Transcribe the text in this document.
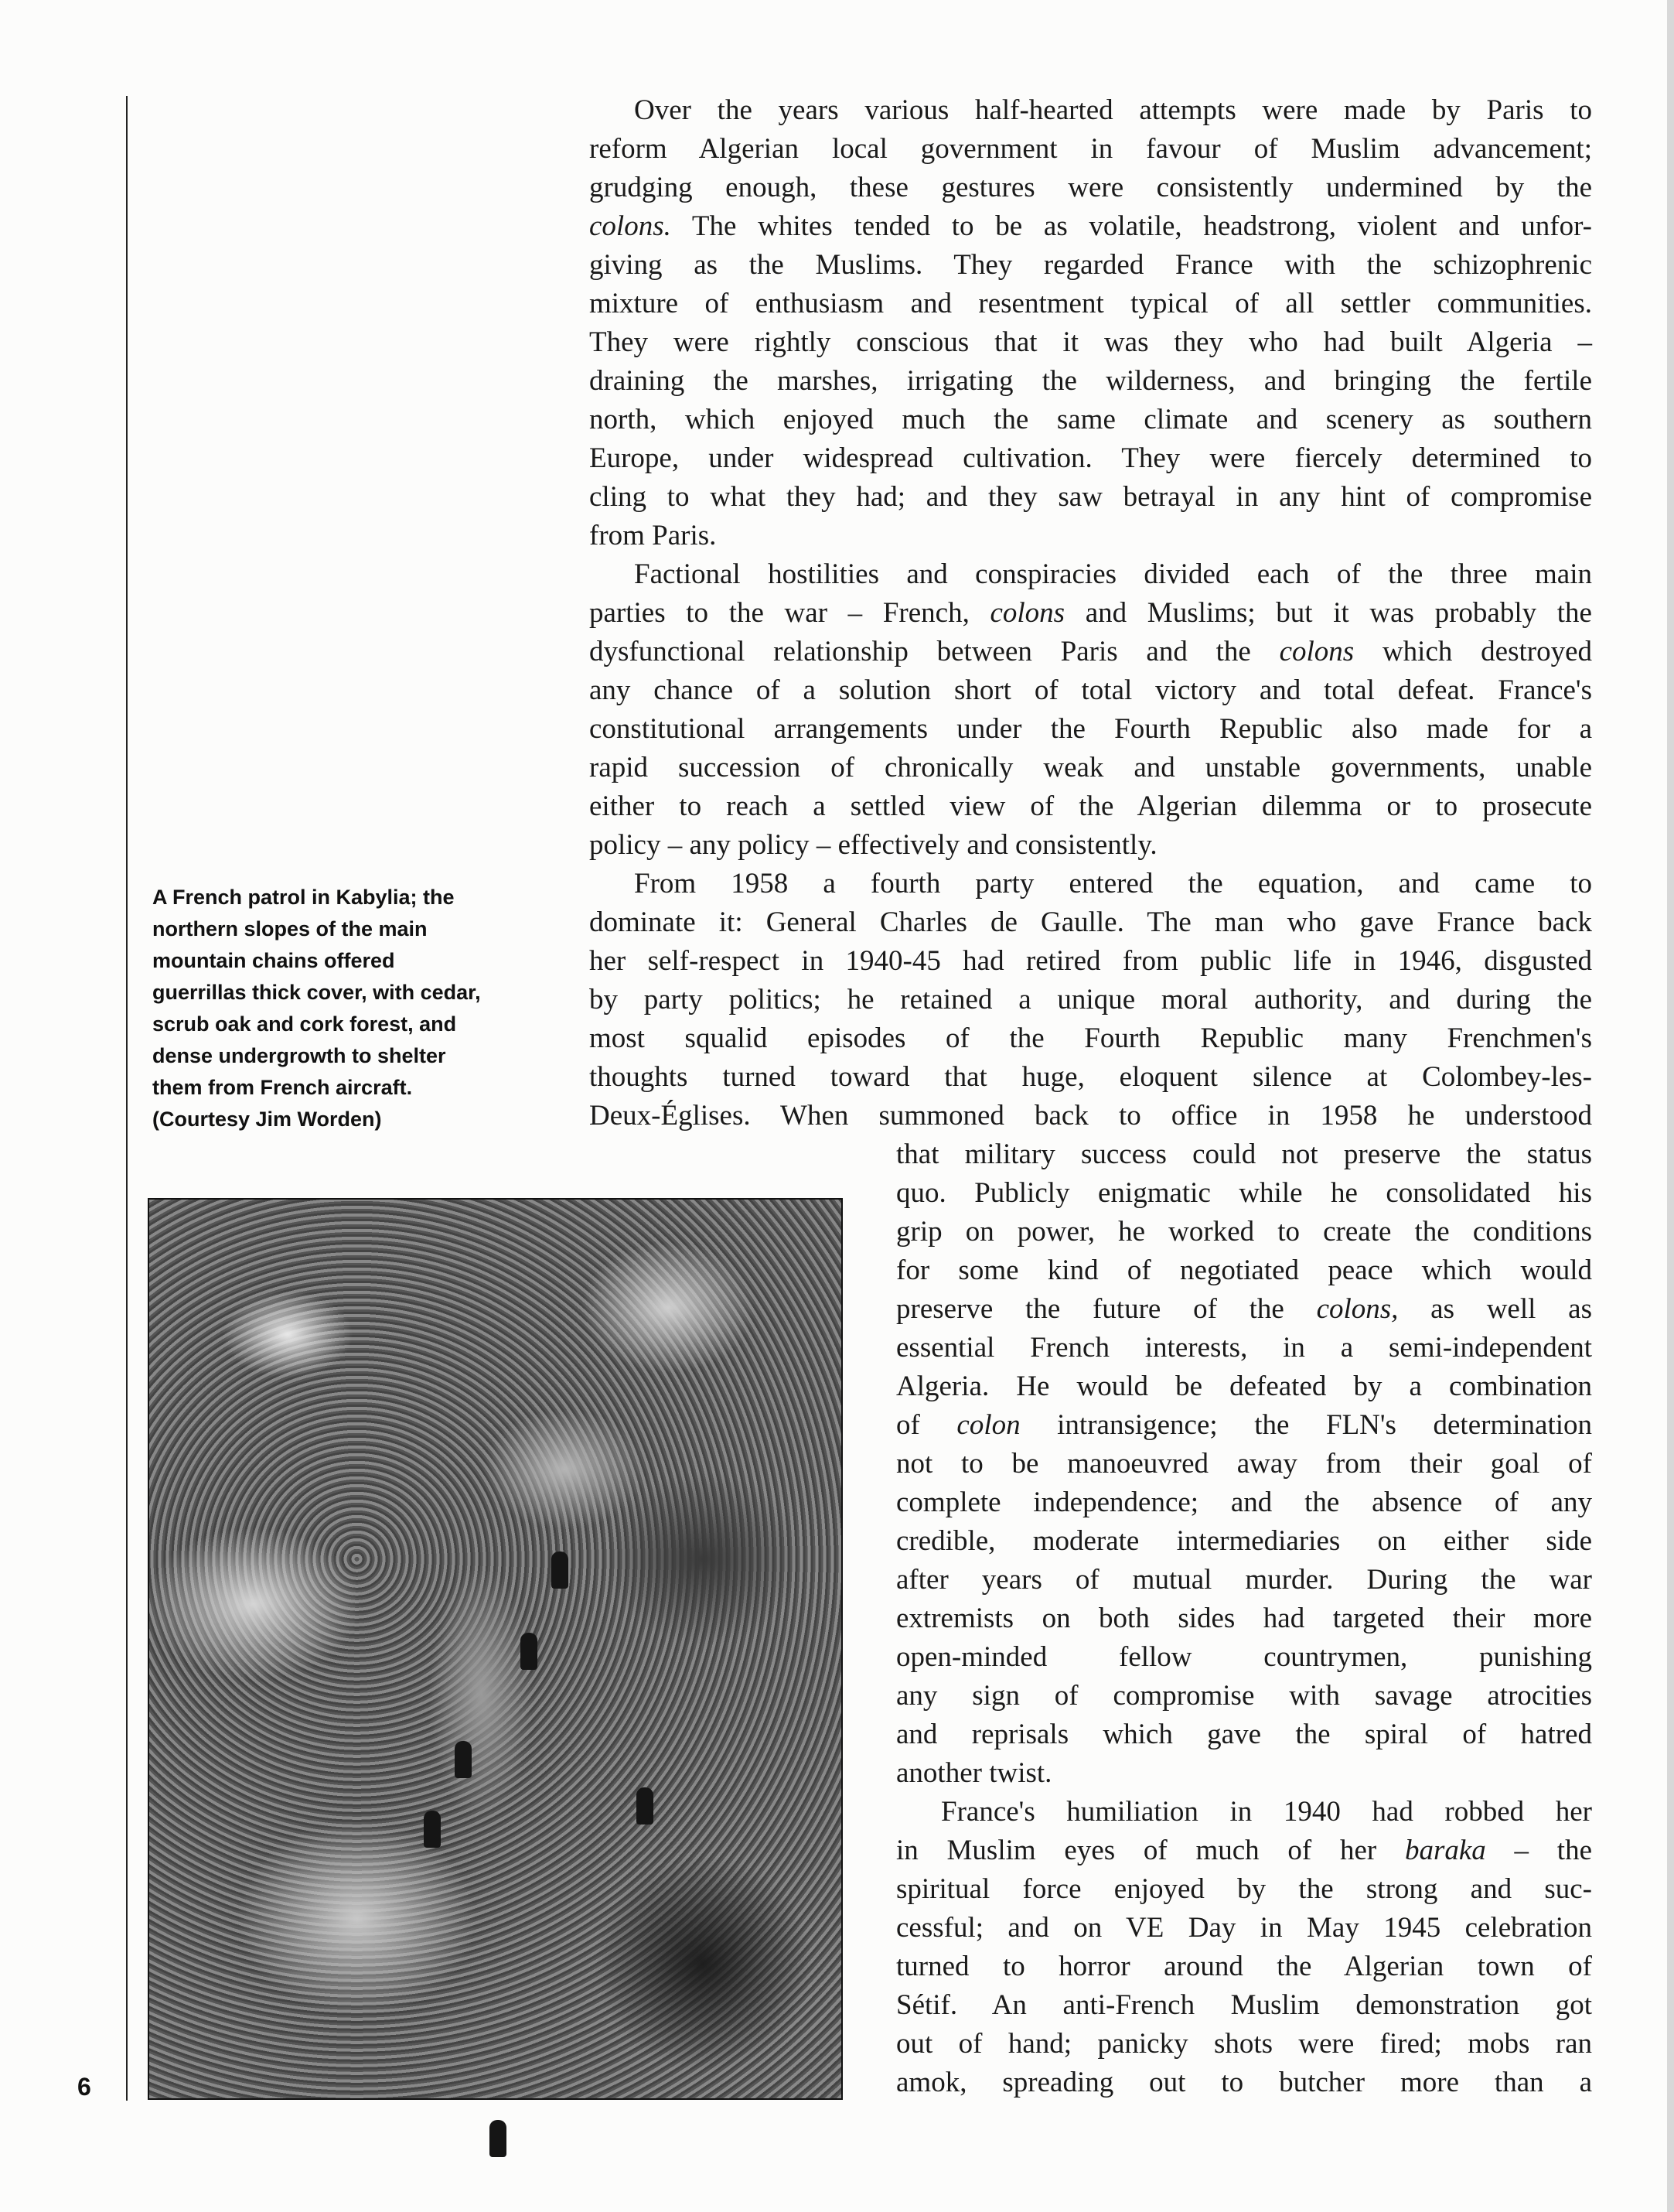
6
A French patrol in Kabylia; the
northern slopes of the main
mountain chains offered
guerrillas thick cover, with cedar,
scrub oak and cork forest, and
dense undergrowth to shelter
them from French aircraft.
(Courtesy Jim Worden)
Over the years various half-hearted attempts were made by Paris to
reform Algerian local government in favour of Muslim advancement;
grudging enough, these gestures were consistently undermined by the
colons. The whites tended to be as volatile, headstrong, violent and unfor-
giving as the Muslims. They regarded France with the schizophrenic
mixture of enthusiasm and resentment typical of all settler communities.
They were rightly conscious that it was they who had built Algeria –
draining the marshes, irrigating the wilderness, and bringing the fertile
north, which enjoyed much the same climate and scenery as southern
Europe, under widespread cultivation. They were fiercely determined to
cling to what they had; and they saw betrayal in any hint of compromise
from Paris.
Factional hostilities and conspiracies divided each of the three main
parties to the war – French, colons and Muslims; but it was probably the
dysfunctional relationship between Paris and the colons which destroyed
any chance of a solution short of total victory and total defeat. France's
constitutional arrangements under the Fourth Republic also made for a
rapid succession of chronically weak and unstable governments, unable
either to reach a settled view of the Algerian dilemma or to prosecute
policy – any policy – effectively and consistently.
From 1958 a fourth party entered the equation, and came to
dominate it: General Charles de Gaulle. The man who gave France back
her self-respect in 1940-45 had retired from public life in 1946, disgusted
by party politics; he retained a unique moral authority, and during the
most squalid episodes of the Fourth Republic many Frenchmen's
thoughts turned toward that huge, eloquent silence at Colombey-les-
Deux-Églises. When summoned back to office in 1958 he understood
that military success could not preserve the status
quo. Publicly enigmatic while he consolidated his
grip on power, he worked to create the conditions
for some kind of negotiated peace which would
preserve the future of the colons, as well as
essential French interests, in a semi-independent
Algeria. He would be defeated by a combination
of colon intransigence; the FLN's determination
not to be manoeuvred away from their goal of
complete independence; and the absence of any
credible, moderate intermediaries on either side
after years of mutual murder. During the war
extremists on both sides had targeted their more
open-minded fellow countrymen, punishing
any sign of compromise with savage atrocities
and reprisals which gave the spiral of hatred
another twist.
France's humiliation in 1940 had robbed her
in Muslim eyes of much of her baraka – the
spiritual force enjoyed by the strong and suc-
cessful; and on VE Day in May 1945 celebration
turned to horror around the Algerian town of
Sétif. An anti-French Muslim demonstration got
out of hand; panicky shots were fired; mobs ran
amok, spreading out to butcher more than a
